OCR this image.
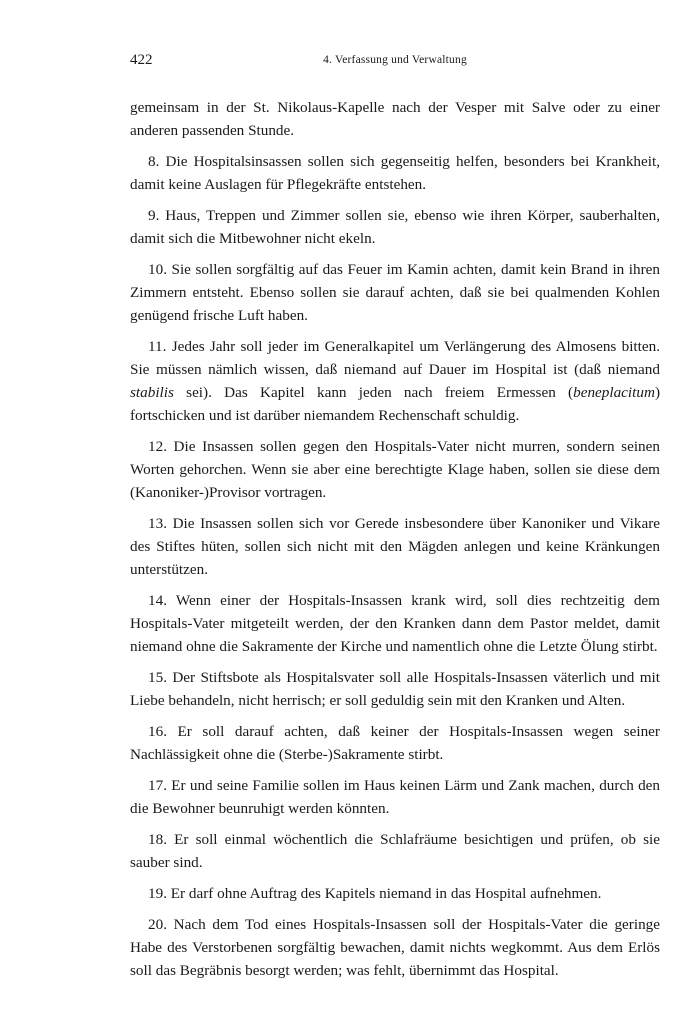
422	4. Verfassung und Verwaltung

gemeinsam in der St. Nikolaus-Kapelle nach der Vesper mit Salve oder zu einer anderen passenden Stunde.

8. Die Hospitalsinsassen sollen sich gegenseitig helfen, besonders bei Krankheit, damit keine Auslagen für Pflegekräfte entstehen.

9. Haus, Treppen und Zimmer sollen sie, ebenso wie ihren Körper, sauberhalten, damit sich die Mitbewohner nicht ekeln.

10. Sie sollen sorgfältig auf das Feuer im Kamin achten, damit kein Brand in ihren Zimmern entsteht. Ebenso sollen sie darauf achten, daß sie bei qualmenden Kohlen genügend frische Luft haben.

11. Jedes Jahr soll jeder im Generalkapitel um Verlängerung des Almosens bitten. Sie müssen nämlich wissen, daß niemand auf Dauer im Hospital ist (daß niemand stabilis sei). Das Kapitel kann jeden nach freiem Ermessen (beneplacitum) fortschicken und ist darüber niemandem Rechenschaft schuldig.

12. Die Insassen sollen gegen den Hospitals-Vater nicht murren, sondern seinen Worten gehorchen. Wenn sie aber eine berechtigte Klage haben, sollen sie diese dem (Kanoniker-)Provisor vortragen.

13. Die Insassen sollen sich vor Gerede insbesondere über Kanoniker und Vikare des Stiftes hüten, sollen sich nicht mit den Mägden anlegen und keine Kränkungen unterstützen.

14. Wenn einer der Hospitals-Insassen krank wird, soll dies rechtzeitig dem Hospitals-Vater mitgeteilt werden, der den Kranken dann dem Pastor meldet, damit niemand ohne die Sakramente der Kirche und namentlich ohne die Letzte Ölung stirbt.

15. Der Stiftsbote als Hospitalsvater soll alle Hospitals-Insassen väterlich und mit Liebe behandeln, nicht herrisch; er soll geduldig sein mit den Kranken und Alten.

16. Er soll darauf achten, daß keiner der Hospitals-Insassen wegen seiner Nachlässigkeit ohne die (Sterbe-)Sakramente stirbt.

17. Er und seine Familie sollen im Haus keinen Lärm und Zank machen, durch den die Bewohner beunruhigt werden könnten.

18. Er soll einmal wöchentlich die Schlafräume besichtigen und prüfen, ob sie sauber sind.

19. Er darf ohne Auftrag des Kapitels niemand in das Hospital aufnehmen.

20. Nach dem Tod eines Hospitals-Insassen soll der Hospitals-Vater die geringe Habe des Verstorbenen sorgfältig bewachen, damit nichts wegkommt. Aus dem Erlös soll das Begräbnis besorgt werden; was fehlt, übernimmt das Hospital.
